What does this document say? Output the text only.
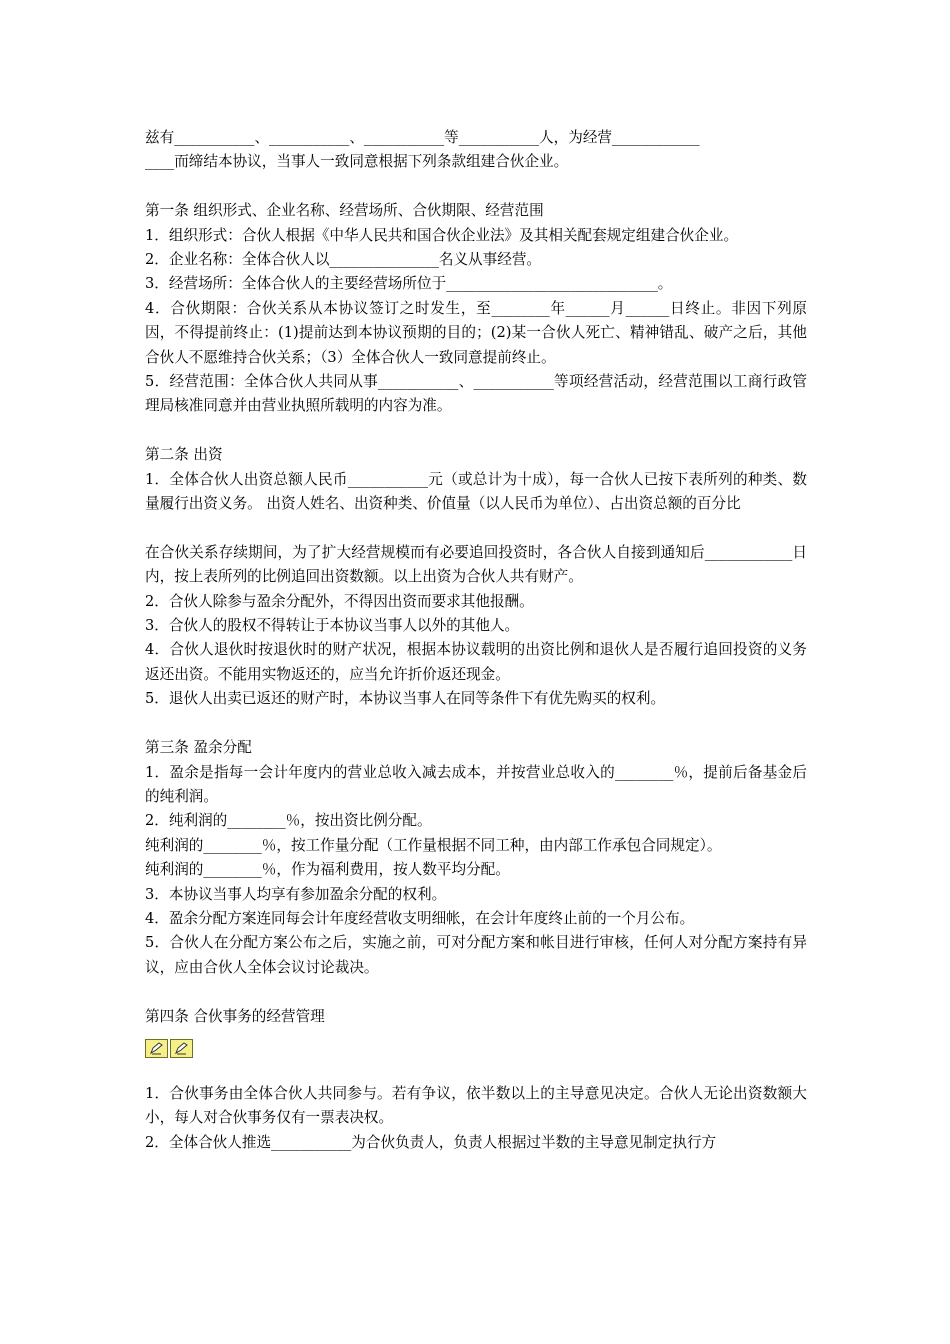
兹有___________、___________、___________等___________人，为经营____________

____而缔结本协议，当事人一致同意根据下列条款组建合伙企业。

第一条 组织形式、企业名称、经营场所、合伙期限、经营范围

1．组织形式：合伙人根据《中华人民共和国合伙企业法》及其相关配套规定组建合伙企业。

2．企业名称：全体合伙人以_______________名义从事经营。

3．经营场所：全体合伙人的主要经营场所位于_____________________________。

4．合伙期限：合伙关系从本协议签订之时发生，至________年______月______日终止。非因下列原因，不得提前终止：(1)提前达到本协议预期的目的；(2)某一合伙人死亡、精神错乱、破产之后，其他合伙人不愿维持合伙关系；（3）全体合伙人一致同意提前终止。

5．经营范围：全体合伙人共同从事___________、___________等项经营活动，经营范围以工商行政管理局核准同意并由营业执照所载明的内容为准。

第二条 出资

1．全体合伙人出资总额人民币___________元（或总计为十成），每一合伙人已按下表所列的种类、数量履行出资义务。 出资人姓名、出资种类、价值量（以人民币为单位）、占出资总额的百分比

在合伙关系存续期间，为了扩大经营规模而有必要追回投资时，各合伙人自接到通知后____________日内，按上表所列的比例追回出资数额。以上出资为合伙人共有财产。

2．合伙人除参与盈余分配外，不得因出资而要求其他报酬。

3．合伙人的股权不得转让于本协议当事人以外的其他人。

4．合伙人退伙时按退伙时的财产状况，根据本协议载明的出资比例和退伙人是否履行追回投资的义务返还出资。不能用实物返还的，应当允许折价返还现金。

5．退伙人出卖已返还的财产时，本协议当事人在同等条件下有优先购买的权利。

第三条 盈余分配

1．盈余是指每一会计年度内的营业总收入减去成本，并按营业总收入的________％，提前后备基金后的纯利润。

2．纯利润的________％，按出资比例分配。

纯利润的________％，按工作量分配（工作量根据不同工种，由内部工作承包合同规定）。

纯利润的________％，作为福利费用，按人数平均分配。

3．本协议当事人均享有参加盈余分配的权利。

4．盈余分配方案连同每会计年度经营收支明细帐，在会计年度终止前的一个月公布。

5．合伙人在分配方案公布之后，实施之前，可对分配方案和帐目进行审核，任何人对分配方案持有异议，应由合伙人全体会议讨论裁决。

第四条 合伙事务的经营管理

1．合伙事务由全体合伙人共同参与。若有争议，依半数以上的主导意见决定。合伙人无论出资数额大小，每人对合伙事务仅有一票表决权。

2．全体合伙人推选___________为合伙负责人，负责人根据过半数的主导意见制定执行方
